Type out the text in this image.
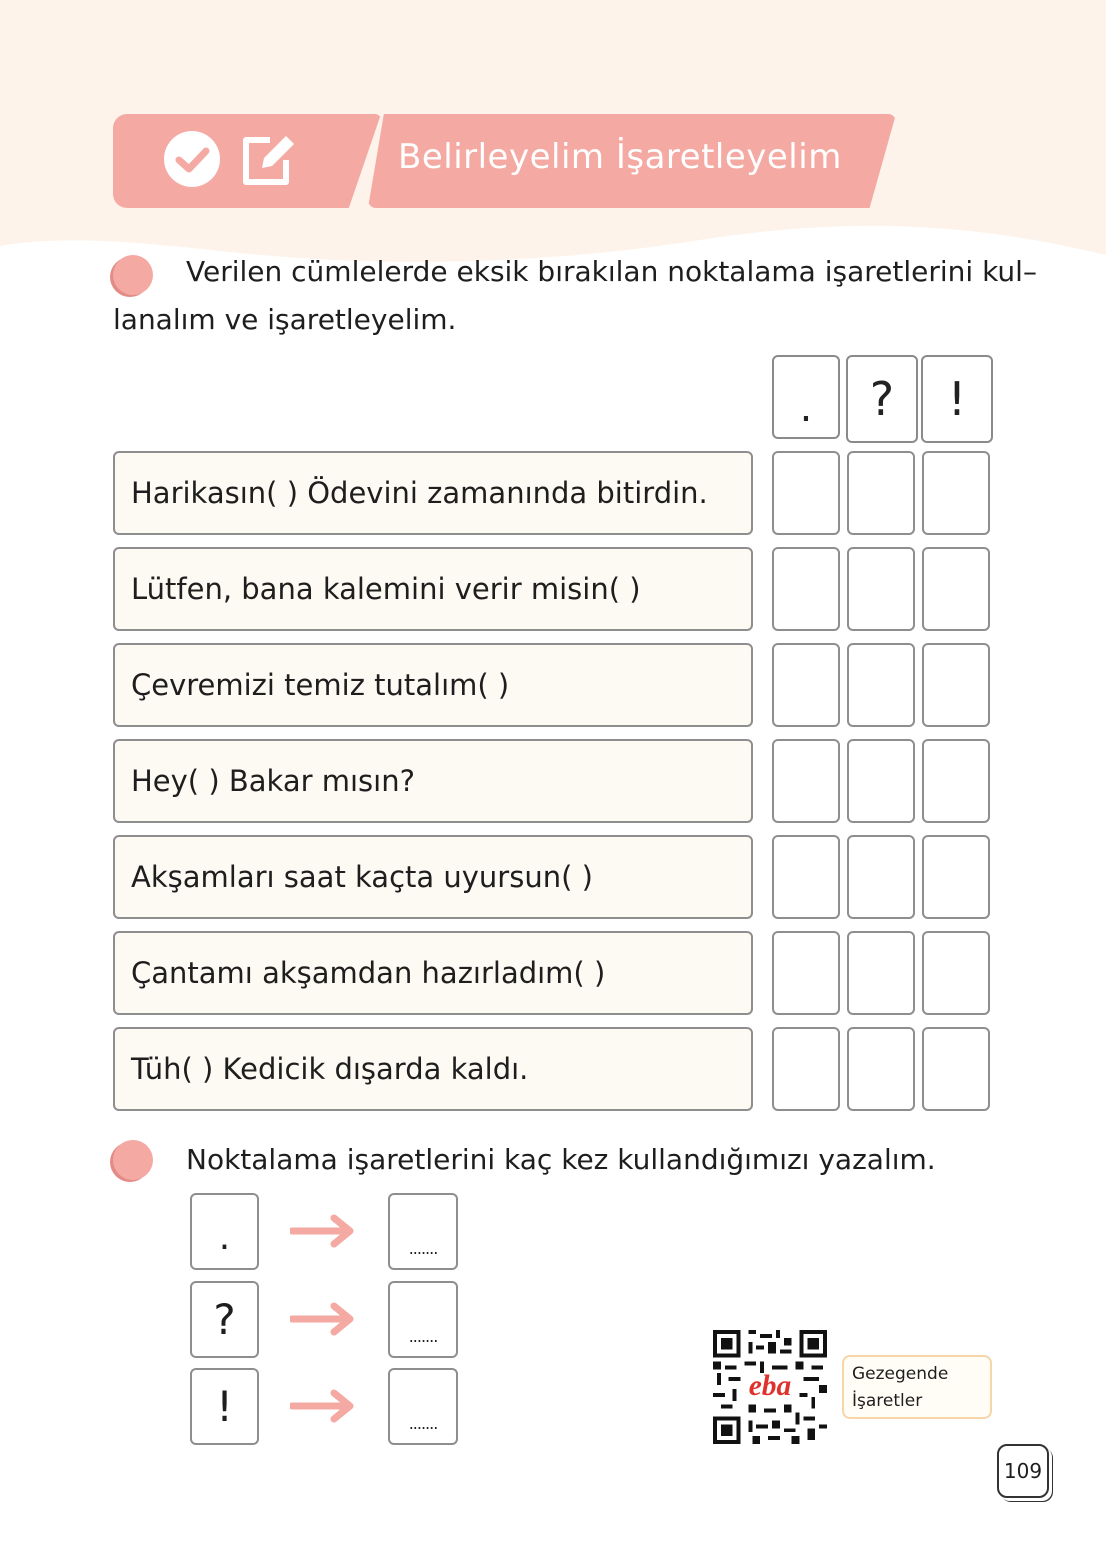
Belirleyelim İşaretleyelim
Verilen cümlelerde eksik bırakılan noktalama işaretlerini kul–
lanalım ve işaretleyelim.
.	?	!
Harikasın( ) Ödevini zamanında bitirdin.
Lütfen, bana kalemini verir misin( )
Çevremizi temiz tutalım( )
Hey( ) Bakar mısın?
Akşamları saat kaçta uyursun( )
Çantamı akşamdan hazırladım( )
Tüh( ) Kedicik dışarda kaldı.
Noktalama işaretlerini kaç kez kullandığımızı yazalım.
.	.......
?	.......
!	.......
eba	Gezegende
İşaretler
109
